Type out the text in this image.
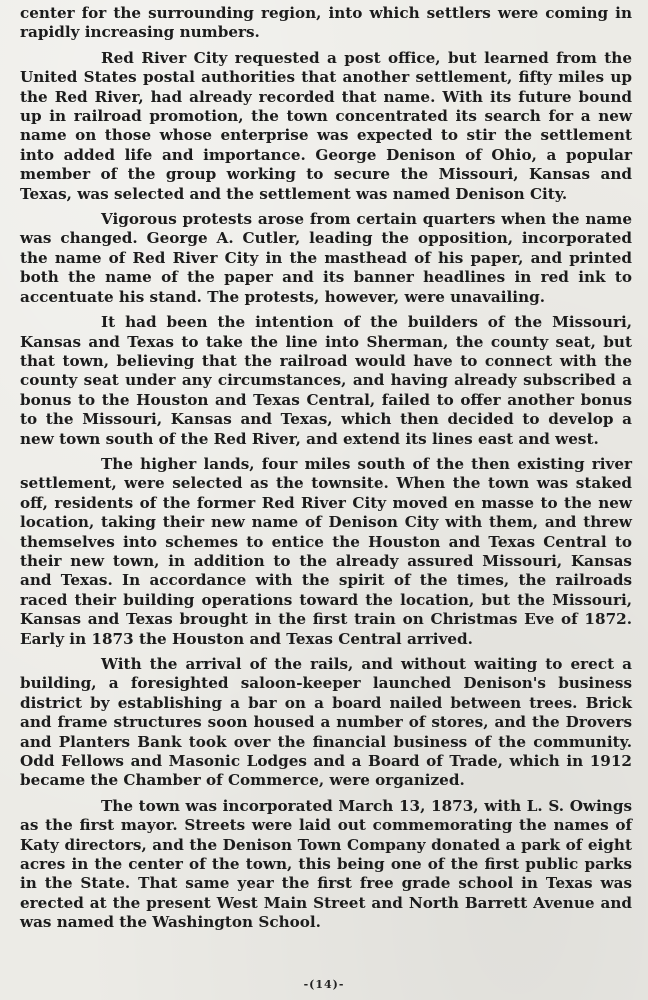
center for the surrounding region, into which settlers were coming in rapidly increasing numbers.

Red River City requested a post office, but learned from the United States postal authorities that another settlement, fifty miles up the Red River, had already recorded that name. With its future bound up in railroad promotion, the town concentrated its search for a new name on those whose enterprise was expected to stir the settlement into added life and importance. George Denison of Ohio, a popular member of the group working to secure the Missouri, Kansas and Texas, was selected and the settlement was named Denison City.

Vigorous protests arose from certain quarters when the name was changed. George A. Cutler, leading the opposition, incorporated the name of Red River City in the masthead of his paper, and printed both the name of the paper and its banner headlines in red ink to accentuate his stand. The protests, however, were unavailing.

It had been the intention of the builders of the Missouri, Kansas and Texas to take the line into Sherman, the county seat, but that town, believing that the railroad would have to connect with the county seat under any circumstances, and having already subscribed a bonus to the Houston and Texas Central, failed to offer another bonus to the Missouri, Kansas and Texas, which then decided to develop a new town south of the Red River, and extend its lines east and west.

The higher lands, four miles south of the then existing river settlement, were selected as the townsite. When the town was staked off, residents of the former Red River City moved en masse to the new location, taking their new name of Denison City with them, and threw themselves into schemes to entice the Houston and Texas Central to their new town, in addition to the already assured Missouri, Kansas and Texas. In accordance with the spirit of the times, the railroads raced their building operations toward the location, but the Missouri, Kansas and Texas brought in the first train on Christmas Eve of 1872. Early in 1873 the Houston and Texas Central arrived.

With the arrival of the rails, and without waiting to erect a building, a foresighted saloon-keeper launched Denison's business district by establishing a bar on a board nailed between trees. Brick and frame structures soon housed a number of stores, and the Drovers and Planters Bank took over the financial business of the community. Odd Fellows and Masonic Lodges and a Board of Trade, which in 1912 became the Chamber of Commerce, were organized.

The town was incorporated March 13, 1873, with L. S. Owings as the first mayor. Streets were laid out commemorating the names of Katy directors, and the Denison Town Company donated a park of eight acres in the center of the town, this being one of the first public parks in the State. That same year the first free grade school in Texas was erected at the present West Main Street and North Barrett Avenue and was named the Washington School.

-(14)-
